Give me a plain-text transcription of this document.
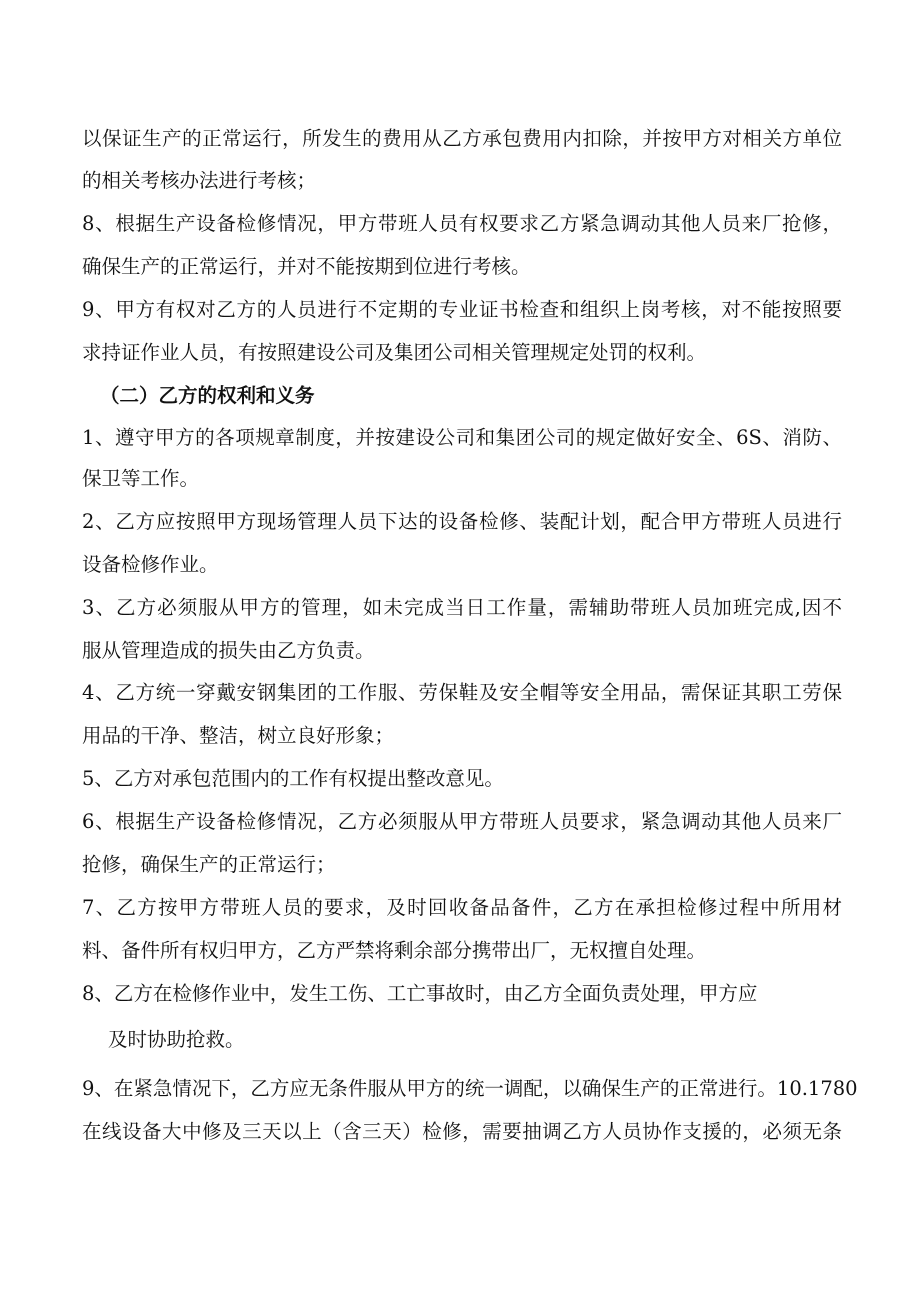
以保证生产的正常运行，所发生的费用从乙方承包费用内扣除，并按甲方对相关方单位
的相关考核办法进行考核；
8、根据生产设备检修情况，甲方带班人员有权要求乙方紧急调动其他人员来厂抢修，
确保生产的正常运行，并对不能按期到位进行考核。
9、甲方有权对乙方的人员进行不定期的专业证书检查和组织上岗考核，对不能按照要
求持证作业人员，有按照建设公司及集团公司相关管理规定处罚的权利。
（二）乙方的权利和义务
1、遵守甲方的各项规章制度，并按建设公司和集团公司的规定做好安全、6S、消防、
保卫等工作。
2、乙方应按照甲方现场管理人员下达的设备检修、装配计划，配合甲方带班人员进行
设备检修作业。
3、乙方必须服从甲方的管理，如未完成当日工作量，需辅助带班人员加班完成,因不
服从管理造成的损失由乙方负责。
4、乙方统一穿戴安钢集团的工作服、劳保鞋及安全帽等安全用品，需保证其职工劳保
用品的干净、整洁，树立良好形象；
5、乙方对承包范围内的工作有权提出整改意见。
6、根据生产设备检修情况，乙方必须服从甲方带班人员要求，紧急调动其他人员来厂
抢修，确保生产的正常运行；
7、乙方按甲方带班人员的要求，及时回收备品备件，乙方在承担检修过程中所用材
料、备件所有权归甲方，乙方严禁将剩余部分携带出厂，无权擅自处理。
8、乙方在检修作业中，发生工伤、工亡事故时，由乙方全面负责处理，甲方应
及时协助抢救。
9、在紧急情况下，乙方应无条件服从甲方的统一调配，以确保生产的正常进行。10.1780
在线设备大中修及三天以上（含三天）检修，需要抽调乙方人员协作支援的，必须无条
